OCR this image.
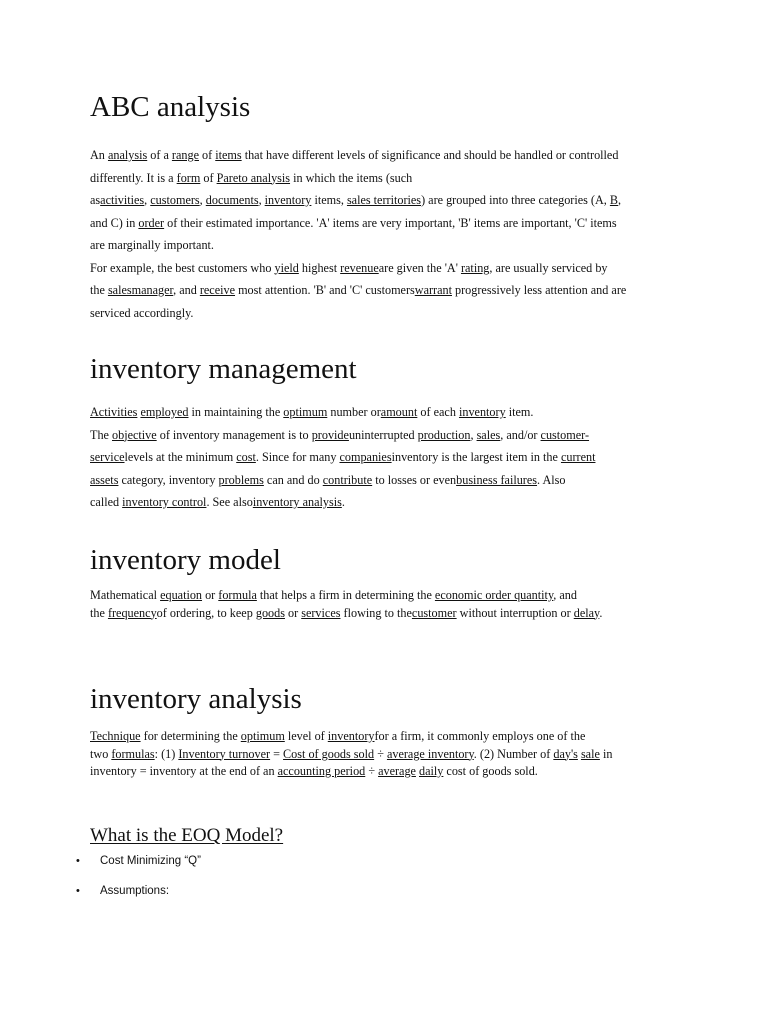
ABC analysis

An analysis of a range of items that have different levels of significance and should be handled or controlled

differently. It is a form of Pareto analysis in which the items (such

asactivities, customers, documents, inventory items, sales territories) are grouped into three categories (A, B,

and C) in order of their estimated importance. 'A' items are very important, 'B' items are important, 'C' items

are marginally important.

For example, the best customers who yield highest revenueare given the 'A' rating, are usually serviced by

the salesmanager, and receive most attention. 'B' and 'C' customerswarrant progressively less attention and are

serviced accordingly.

inventory management

Activities employed in maintaining the optimum number oramount of each inventory item.

The objective of inventory management is to provideuninterrupted production, sales, and/or customer-

servicelevels at the minimum cost. Since for many companiesinventory is the largest item in the current

assets category, inventory problems can and do contribute to losses or evenbusiness failures. Also

called inventory control. See alsoinventory analysis.

inventory model

Mathematical equation or formula that helps a firm in determining the economic order quantity, and

the frequencyof ordering, to keep goods or services flowing to thecustomer without interruption or delay.

inventory analysis

Technique for determining the optimum level of inventoryfor a firm, it commonly employs one of the

two formulas: (1) Inventory turnover = Cost of goods sold ÷ average inventory. (2) Number of day's sale in

inventory = inventory at the end of an accounting period ÷ average daily cost of goods sold.

What is the EOQ Model?
• Cost Minimizing “Q”
• Assumptions:
